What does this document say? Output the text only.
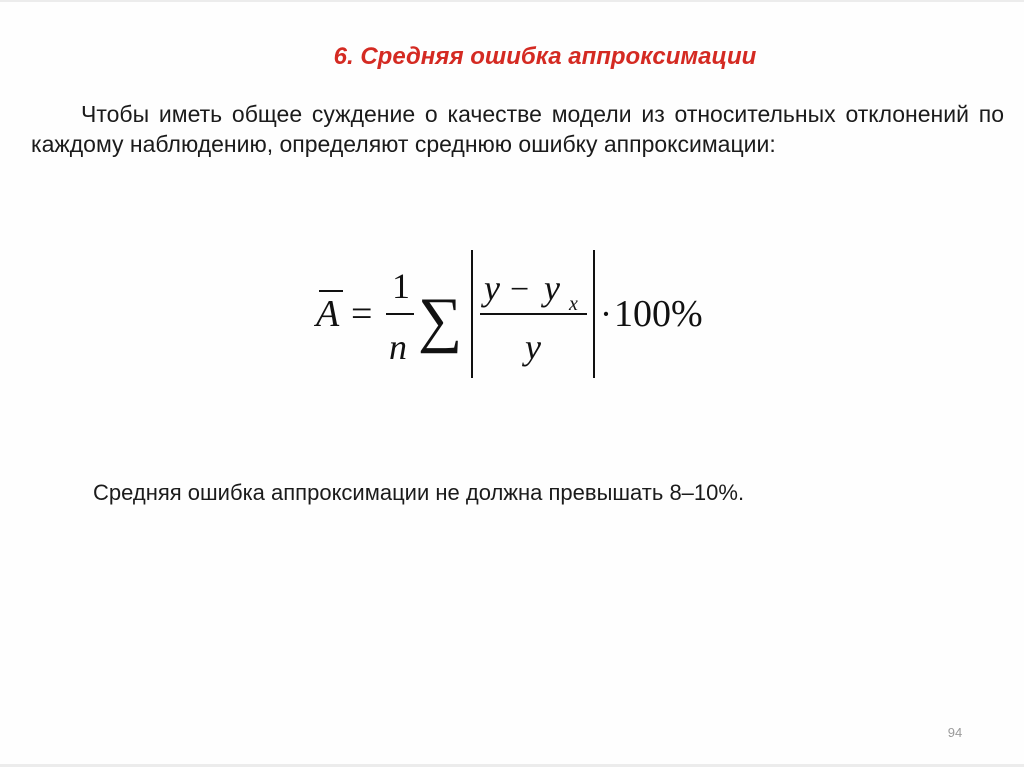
6. Средняя ошибка аппроксимации

Чтобы иметь общее суждение о качестве модели из относительных отклонений по каждому наблюдению, определяют среднюю ошибку аппроксимации:

A =
1
n ∑ y − y x
y
· 100%

Средняя ошибка аппроксимации не должна превышать 8–10%.

94
